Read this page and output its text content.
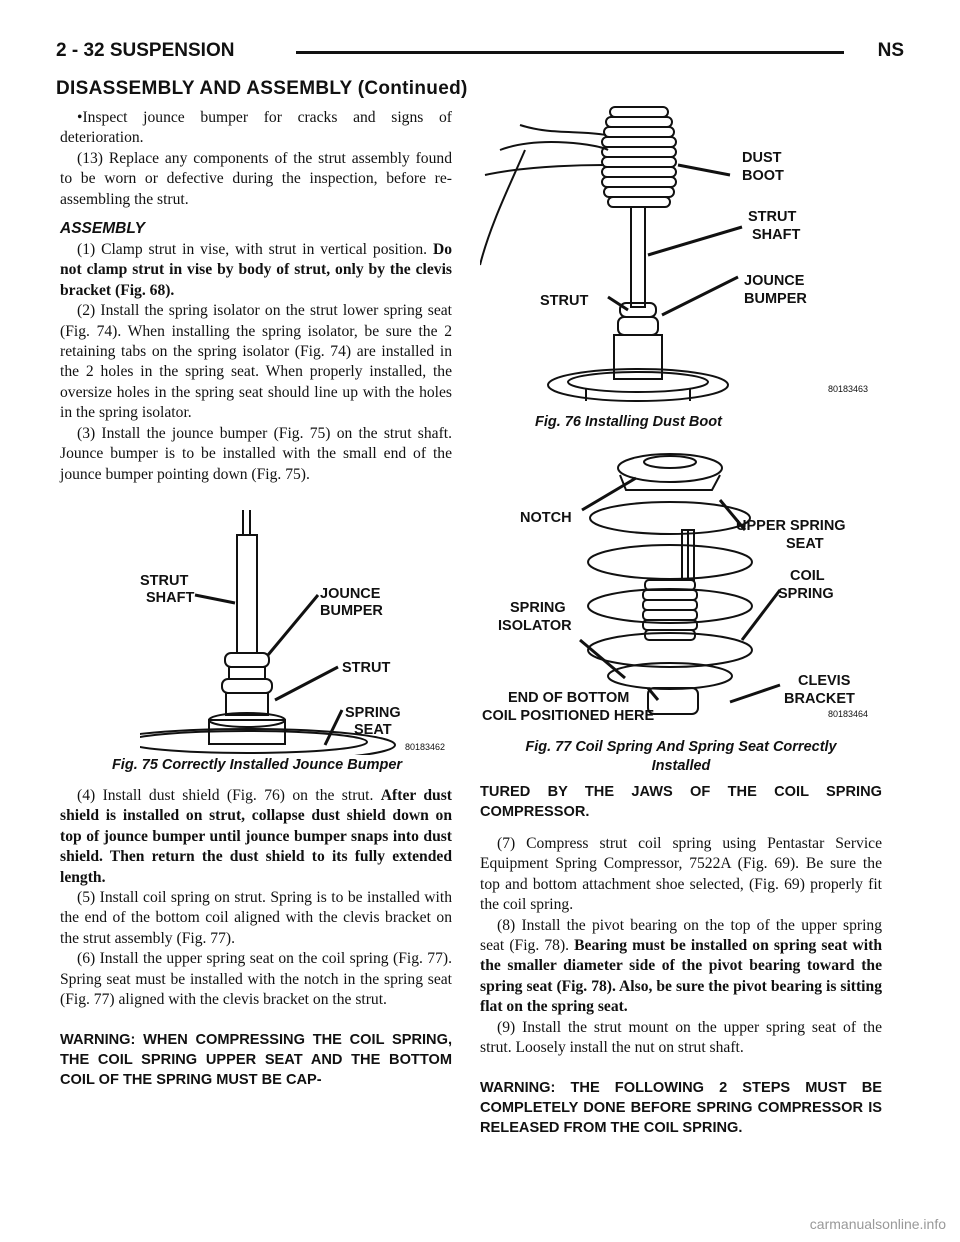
2 - 32 SUSPENSION	NS
DISASSEMBLY AND ASSEMBLY (Continued)

•Inspect jounce bumper for cracks and signs of deterioration.

(13) Replace any components of the strut assembly found to be worn or defective during the inspection, before re-assembling the strut.

ASSEMBLY

(1) Clamp strut in vise, with strut in vertical position. Do not clamp strut in vise by body of strut, only by the clevis bracket (Fig. 68).

(2) Install the spring isolator on the strut lower spring seat (Fig. 74). When installing the spring isolator, be sure the 2 retaining tabs on the spring isolator (Fig. 74) are installed in the 2 holes in the spring seat. When properly installed, the oversize holes in the spring seat should line up with the holes in the spring isolator.

(3) Install the jounce bumper (Fig. 75) on the strut shaft. Jounce bumper is to be installed with the small end of the jounce bumper pointing down (Fig. 75).

STRUT
SHAFT	JOUNCE
BUMPER
STRUT
SPRING
SEAT
80183462
Fig. 75 Correctly Installed Jounce Bumper

(4) Install dust shield (Fig. 76) on the strut. After dust shield is installed on strut, collapse dust shield down on top of jounce bumper until jounce bumper snaps into dust shield. Then return the dust shield to its fully extended length.

(5) Install coil spring on strut. Spring is to be installed with the end of the bottom coil aligned with the clevis bracket on the strut assembly (Fig. 77).

(6) Install the upper spring seat on the coil spring (Fig. 77). Spring seat must be installed with the notch in the spring seat (Fig. 77) aligned with the clevis bracket on the strut.

WARNING: WHEN COMPRESSING THE COIL SPRING, THE COIL SPRING UPPER SEAT AND THE BOTTOM COIL OF THE SPRING MUST BE CAP-
DUST
BOOT
STRUT
SHAFT
JOUNCE
BUMPER
STRUT
80183463
Fig. 76 Installing Dust Boot
NOTCH	UPPER SPRING
SEAT
COIL
SPRING
SPRING
ISOLATOR
END OF BOTTOM
COIL POSITIONED HERE
CLEVIS
BRACKET
80183464
Fig. 77 Coil Spring And Spring Seat Correctly
Installed
TURED BY THE JAWS OF THE COIL SPRING COMPRESSOR.

(7) Compress strut coil spring using Pentastar Service Equipment Spring Compressor, 7522A (Fig. 69). Be sure the top and bottom attachment shoe selected, (Fig. 69) properly fit the coil spring.

(8) Install the pivot bearing on the top of the upper spring seat (Fig. 78). Bearing must be installed on spring seat with the smaller diameter side of the pivot bearing toward the spring seat (Fig. 78). Also, be sure the pivot bearing is sitting flat on the spring seat.

(9) Install the strut mount on the upper spring seat of the strut. Loosely install the nut on strut shaft.

WARNING: THE FOLLOWING 2 STEPS MUST BE COMPLETELY DONE BEFORE SPRING COMPRESSOR IS RELEASED FROM THE COIL SPRING.
carmanualsonline.info
